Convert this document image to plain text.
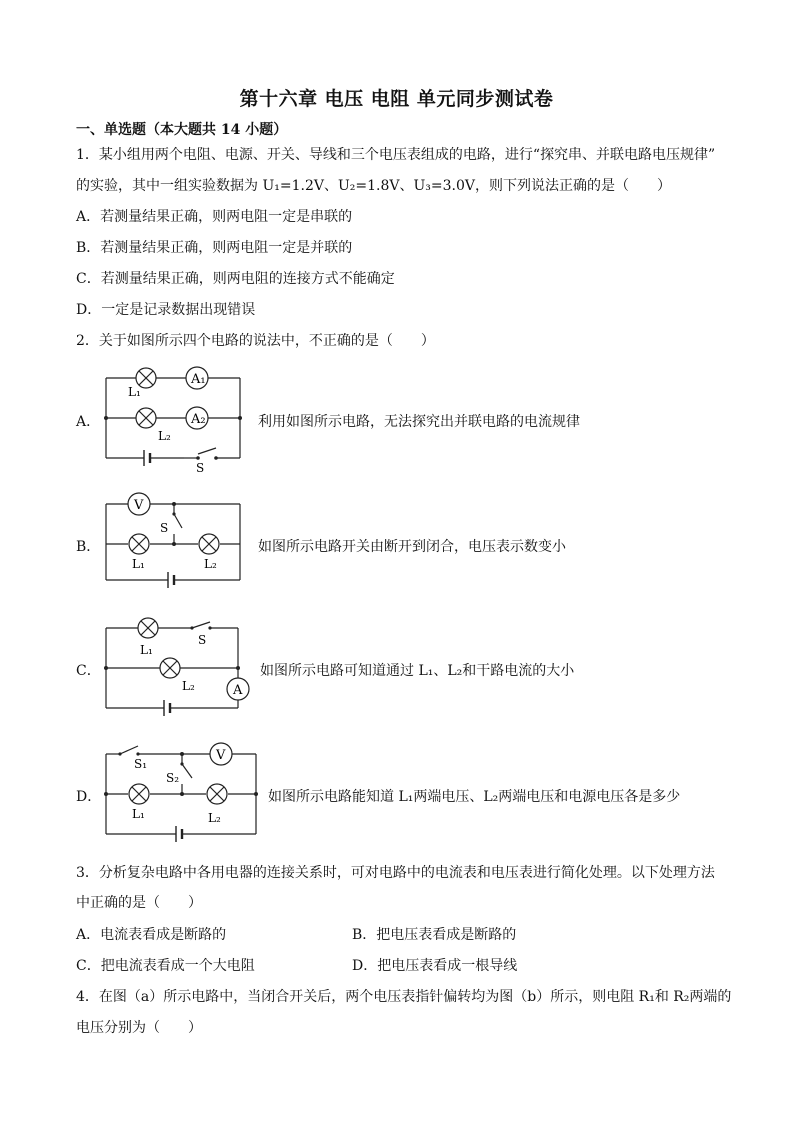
第十六章 电压 电阻 单元同步测试卷
一、单选题（本大题共 14 小题）
1．某小组用两个电阻、电源、开关、导线和三个电压表组成的电路，进行“探究串、并联电路电压规律”
的实验，其中一组实验数据为 U₁=1.2V、U₂=1.8V、U₃=3.0V，则下列说法正确的是（　　）
A．若测量结果正确，则两电阻一定是串联的
B．若测量结果正确，则两电阻一定是并联的
C．若测量结果正确，则两电阻的连接方式不能确定
D．一定是记录数据出现错误
2．关于如图所示四个电路的说法中，不正确的是（　　）
A．
A₁
L₁
A₂
L₂
S
利用如图所示电路，无法探究出并联电路的电流规律
B．
V
S
L₁	L₂
如图所示电路开关由断开到闭合，电压表示数变小
C．
A
S
L₁
L₂
如图所示电路可知道通过 L₁、L₂和干路电流的大小
D．
V
S₁
S₂
L₁	L₂
如图所示电路能知道 L₁两端电压、L₂两端电压和电源电压各是多少
3．分析复杂电路中各用电器的连接关系时，可对电路中的电流表和电压表进行简化处理。以下处理方法
中正确的是（　　）
A．电流表看成是断路的	B．把电压表看成是断路的
C．把电流表看成一个大电阻	D．把电压表看成一根导线
4．在图（a）所示电路中，当闭合开关后，两个电压表指针偏转均为图（b）所示，则电阻 R₁和 R₂两端的
电压分别为（　　）
